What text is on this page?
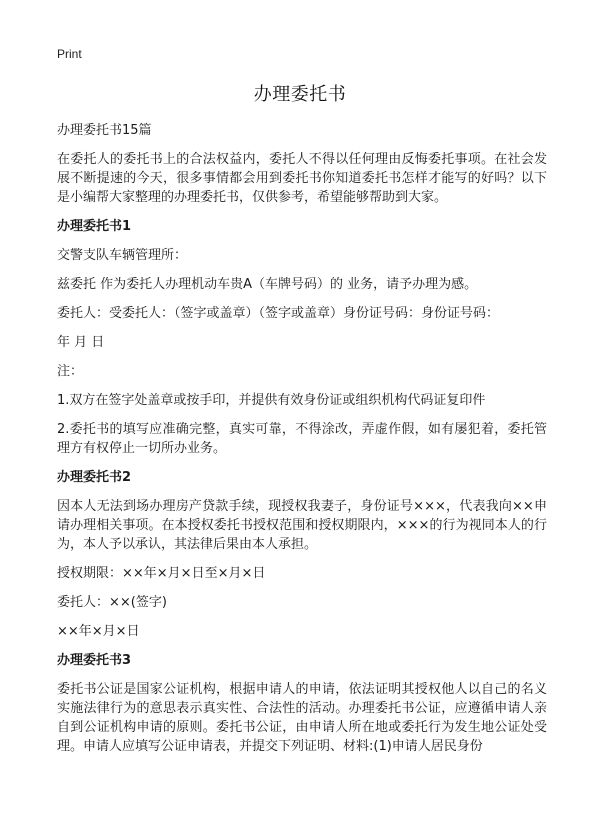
Print
办理委托书

办理委托书15篇

在委托人的委托书上的合法权益内，委托人不得以任何理由反悔委托事项。在社会发展不断提速的今天，很多事情都会用到委托书你知道委托书怎样才能写的好吗？以下是小编帮大家整理的办理委托书，仅供参考，希望能够帮助到大家。

办理委托书1

交警支队车辆管理所：

兹委托 作为委托人办理机动车贵A（车牌号码）的 业务，请予办理为感。

委托人：受委托人：（签字或盖章）（签字或盖章）身份证号码：身份证号码：

年 月 日

注：

1.双方在签字处盖章或按手印，并提供有效身份证或组织机构代码证复印件

2.委托书的填写应准确完整，真实可靠，不得涂改，弄虚作假，如有屡犯着，委托管理方有权停止一切所办业务。

办理委托书2

因本人无法到场办理房产贷款手续，现授权我妻子，身份证号×××，代表我向××申请办理相关事项。在本授权委托书授权范围和授权期限内，×××的行为视同本人的行为，本人予以承认，其法律后果由本人承担。

授权期限：××年×月×日至×月×日

委托人：××(签字)

××年×月×日

办理委托书3

委托书公证是国家公证机构，根据申请人的申请，依法证明其授权他人以自己的名义实施法律行为的意思表示真实性、合法性的活动。办理委托书公证，应遵循申请人亲自到公证机构申请的原则。委托书公证，由申请人所在地或委托行为发生地公证处受理。申请人应填写公证申请表，并提交下列证明、材料:(1)申请人居民身份
